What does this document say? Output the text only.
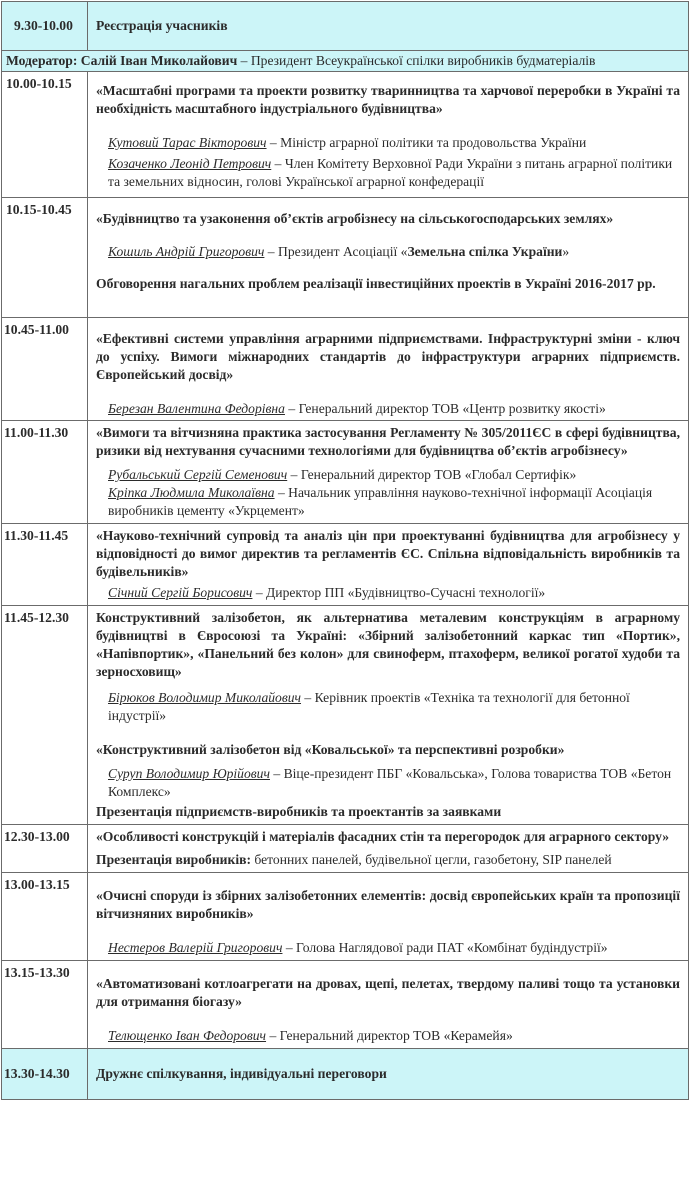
9.30-10.00	Реєстрація учасників
Модератор: Салій Іван Миколайович – Президент Всеукраїнської спілки виробників будматеріалів	
10.00-10.15	«Масштабні програми та проекти розвитку тваринництва та харчової переробки в Україні та необхідність масштабного індустріального будівництва»

Кутовий Тарас Вікторович – Міністр аграрної політики та продовольства України

Козаченко Леонід Петрович – Член Комітету Верховної Ради України з питань аграрної політики та земельних відносин, голові Української аграрної конфедерації

10.15-10.45	«Будівництво та узаконення об’єктів агробізнесу на сільськогосподарських землях»

Кошиль Андрій Григорович – Президент Асоціації «Земельна спілка України»

Обговорення нагальних проблем реалізації інвестиційних проектів в Україні 2016-2017 рр.

10.45-11.00	«Ефективні системи управління аграрними підприємствами. Інфраструктурні зміни - ключ до успіху. Вимоги міжнародних стандартів до інфраструктури аграрних підприємств. Європейський досвід»

Березан Валентина Федорівна – Генеральний директор ТОВ «Центр розвитку якості»

11.00-11.30	«Вимоги та вітчизняна практика застосування Регламенту № 305/2011ЄС в сфері будівництва, ризики від нехтування сучасними технологіями для будівництва об’єктів агробізнесу»

Рубальський Сергій Семенович – Генеральний директор ТОВ «Глобал Сертифік»

Кріпка Людмила Миколаївна – Начальник управління науково-технічної інформації Асоціація виробників цементу «Укрцемент»

11.30-11.45	«Науково-технічний супровід та аналіз цін при проектуванні будівництва для агробізнесу у відповідності до вимог директив та регламентів ЄС. Спільна відповідальність виробників та будівельників»

Січний Сергій Борисович – Директор ПП «Будівництво-Сучасні технології»

11.45-12.30	Конструктивний залізобетон, як альтернатива металевим конструкціям в аграрному будівництві в Євросоюзі та Україні: «Збірний залізобетонний каркас тип «Портик», «Напівпортик», «Панельний без колон» для свиноферм, птахоферм, великої рогатої худоби та зерносховищ»

Бірюков Володимир Миколайович – Керівник проектів «Техніка та технології для бетонної індустрії»

«Конструктивний залізобетон від «Ковальської» та перспективні розробки»

Суруп Володимир Юрійович – Віце-президент ПБГ «Ковальська», Голова товариства ТОВ «Бетон Комплекс»

Презентація підприємств-виробників та проектантів за заявками

12.30-13.00	«Особливості конструкцій і матеріалів фасадних стін та перегородок для аграрного сектору»

Презентація виробників: бетонних панелей, будівельної цегли, газобетону, SIP панелей

13.00-13.15	«Очисні споруди із збірних залізобетонних елементів: досвід європейських країн та пропозиції вітчизняних виробників»

Нестеров Валерій Григорович – Голова Наглядової ради ПАТ «Комбінат будіндустрії»

13.15-13.30	«Автоматизовані котлоагрегати на дровах, щепі, пелетах, твердому паливі тощо та установки для отримання біогазу»

Телющенко Іван Федорович – Генеральний директор ТОВ «Керамейя»

13.30-14.30	Дружнє спілкування, індивідуальні переговори
